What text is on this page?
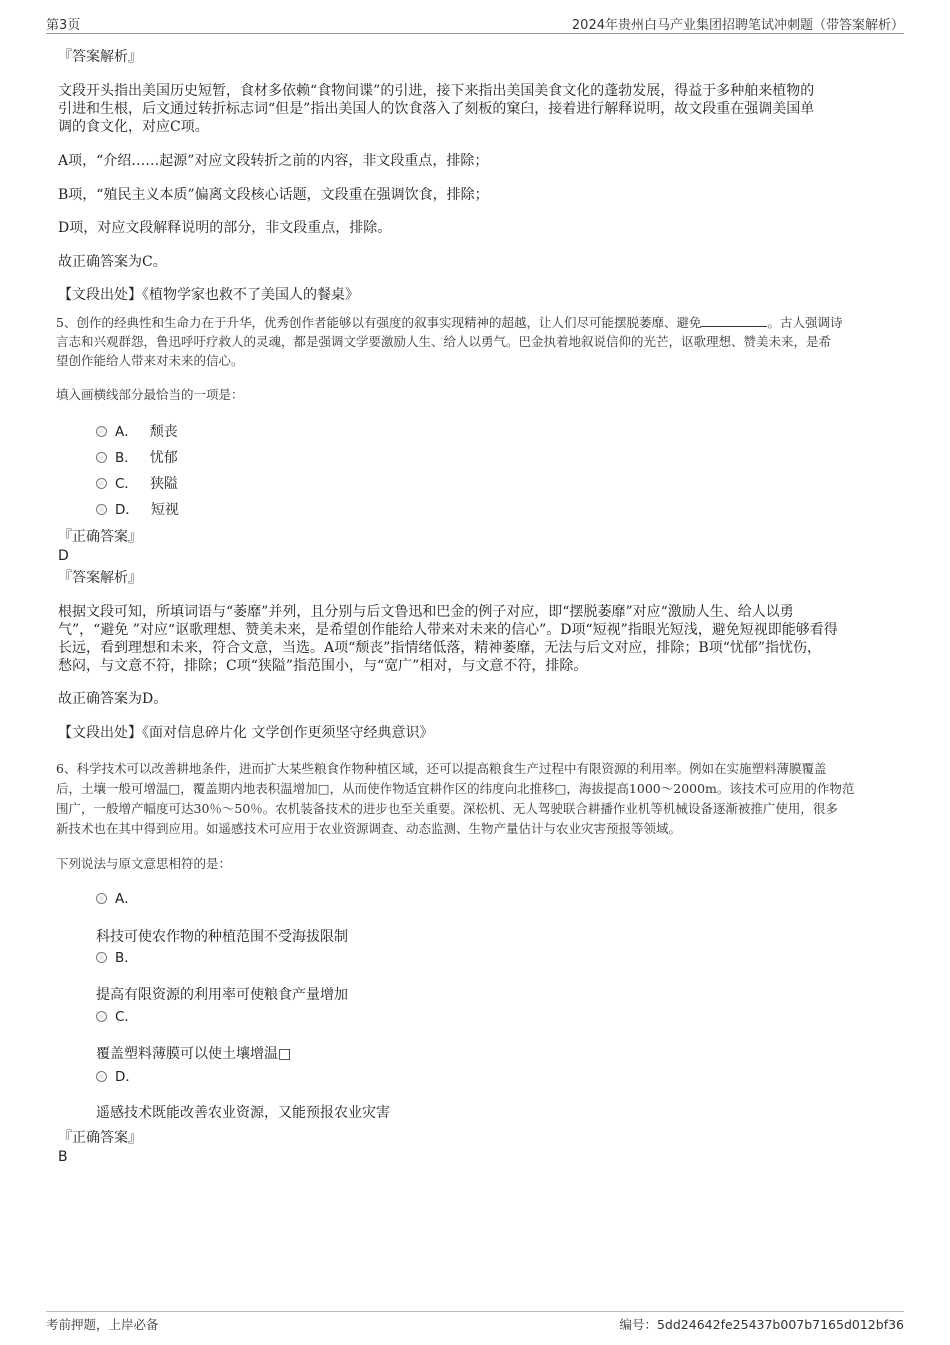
第3页	2024年贵州白马产业集团招聘笔试冲刺题（带答案解析）
『答案解析』
文段开头指出美国历史短暂，食材多依赖“食物间谍”的引进，接下来指出美国美食文化的蓬勃发展，得益于多种舶来植物的
引进和生根，后文通过转折标志词“但是”指出美国人的饮食落入了刻板的窠臼，接着进行解释说明，故文段重在强调美国单
调的食文化，对应C项。
A项，“介绍……起源”对应文段转折之前的内容，非文段重点，排除；
B项，“殖民主义本质”偏离文段核心话题，文段重在强调饮食，排除；
D项，对应文段解释说明的部分，非文段重点，排除。
故正确答案为C。
【文段出处】《植物学家也救不了美国人的餐桌》
5、创作的经典性和生命力在于升华，优秀创作者能够以有强度的叙事实现精神的超越，让人们尽可能摆脱萎靡、避免	。古人强调诗
言志和兴观群怨，鲁迅呼吁疗救人的灵魂，都是强调文学要激励人生、给人以勇气。巴金执着地叙说信仰的光芒，讴歌理想、赞美未来，是希
望创作能给人带来对未来的信心。
填入画横线部分最恰当的一项是：
A． 颓丧
B． 忧郁
C． 狭隘
D． 短视
『正确答案』
D
『答案解析』
根据文段可知，所填词语与“萎靡”并列，且分别与后文鲁迅和巴金的例子对应，即“摆脱萎靡”对应“激励人生、给人以勇
气”，“避免 ”对应“讴歌理想、赞美未来，是希望创作能给人带来对未来的信心”。D项“短视”指眼光短浅，避免短视即能够看得
长远，看到理想和未来，符合文意，当选。A项“颓丧”指情绪低落，精神萎靡，无法与后文对应，排除；B项“忧郁”指忧伤，
愁闷，与文意不符，排除；C项“狭隘”指范围小，与“宽广”相对，与文意不符，排除。
故正确答案为D。
【文段出处】《面对信息碎片化 文学创作更须坚守经典意识》
6、科学技术可以改善耕地条件，进而扩大某些粮食作物种植区域，还可以提高粮食生产过程中有限资源的利用率。例如在实施塑料薄膜覆盖
后，土壤一般可增温□，覆盖期内地表积温增加□，从而使作物适宜耕作区的纬度向北推移□，海拔提高1000～2000m。该技术可应用的作物范
围广，一般增产幅度可达30％～50％。农机装备技术的进步也至关重要。深松机、无人驾驶联合耕播作业机等机械设备逐渐被推广使用，很多
新技术也在其中得到应用。如遥感技术可应用于农业资源调查、动态监测、生物产量估计与农业灾害预报等领域。
下列说法与原文意思相符的是：
A．
科技可使农作物的种植范围不受海拔限制
B．
提高有限资源的利用率可使粮食产量增加
C．
覆盖塑料薄膜可以使土壤增温□
D．
遥感技术既能改善农业资源，又能预报农业灾害
『正确答案』
B
考前押题，上岸必备	编号：5dd24642fe25437b007b7165d012bf36
